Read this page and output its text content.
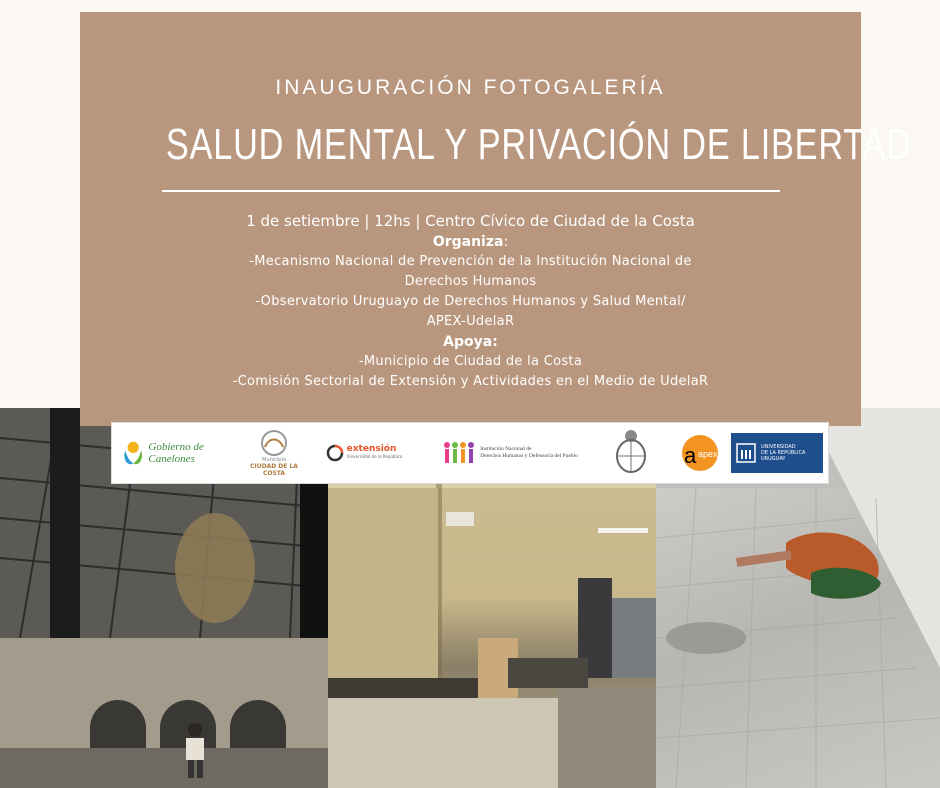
INAUGURACIÓN FOTOGALERÍA
SALUD MENTAL Y PRIVACIÓN DE LIBERTAD
1 de setiembre | 12hs | Centro Cívico de Ciudad de la Costa
Organiza:
-Mecanismo Nacional de Prevención de la Institución Nacional de
Derechos Humanos
-Observatorio Uruguayo de Derechos Humanos y Salud Mental/
APEX-UdelaR
Apoya:
-Municipio de Ciudad de la Costa
-Comisión Sectorial de Extensión y Actividades en el Medio de UdelaR
Gobierno de Canelones	Municipio
CIUDAD DE LA COSTA
extensión
Universidad de la República
Institución Nacional de
Derechos Humanos y Defensoría del Pueblo	a apex
UNIVERSIDAD
DE LA REPÚBLICA
URUGUAY
